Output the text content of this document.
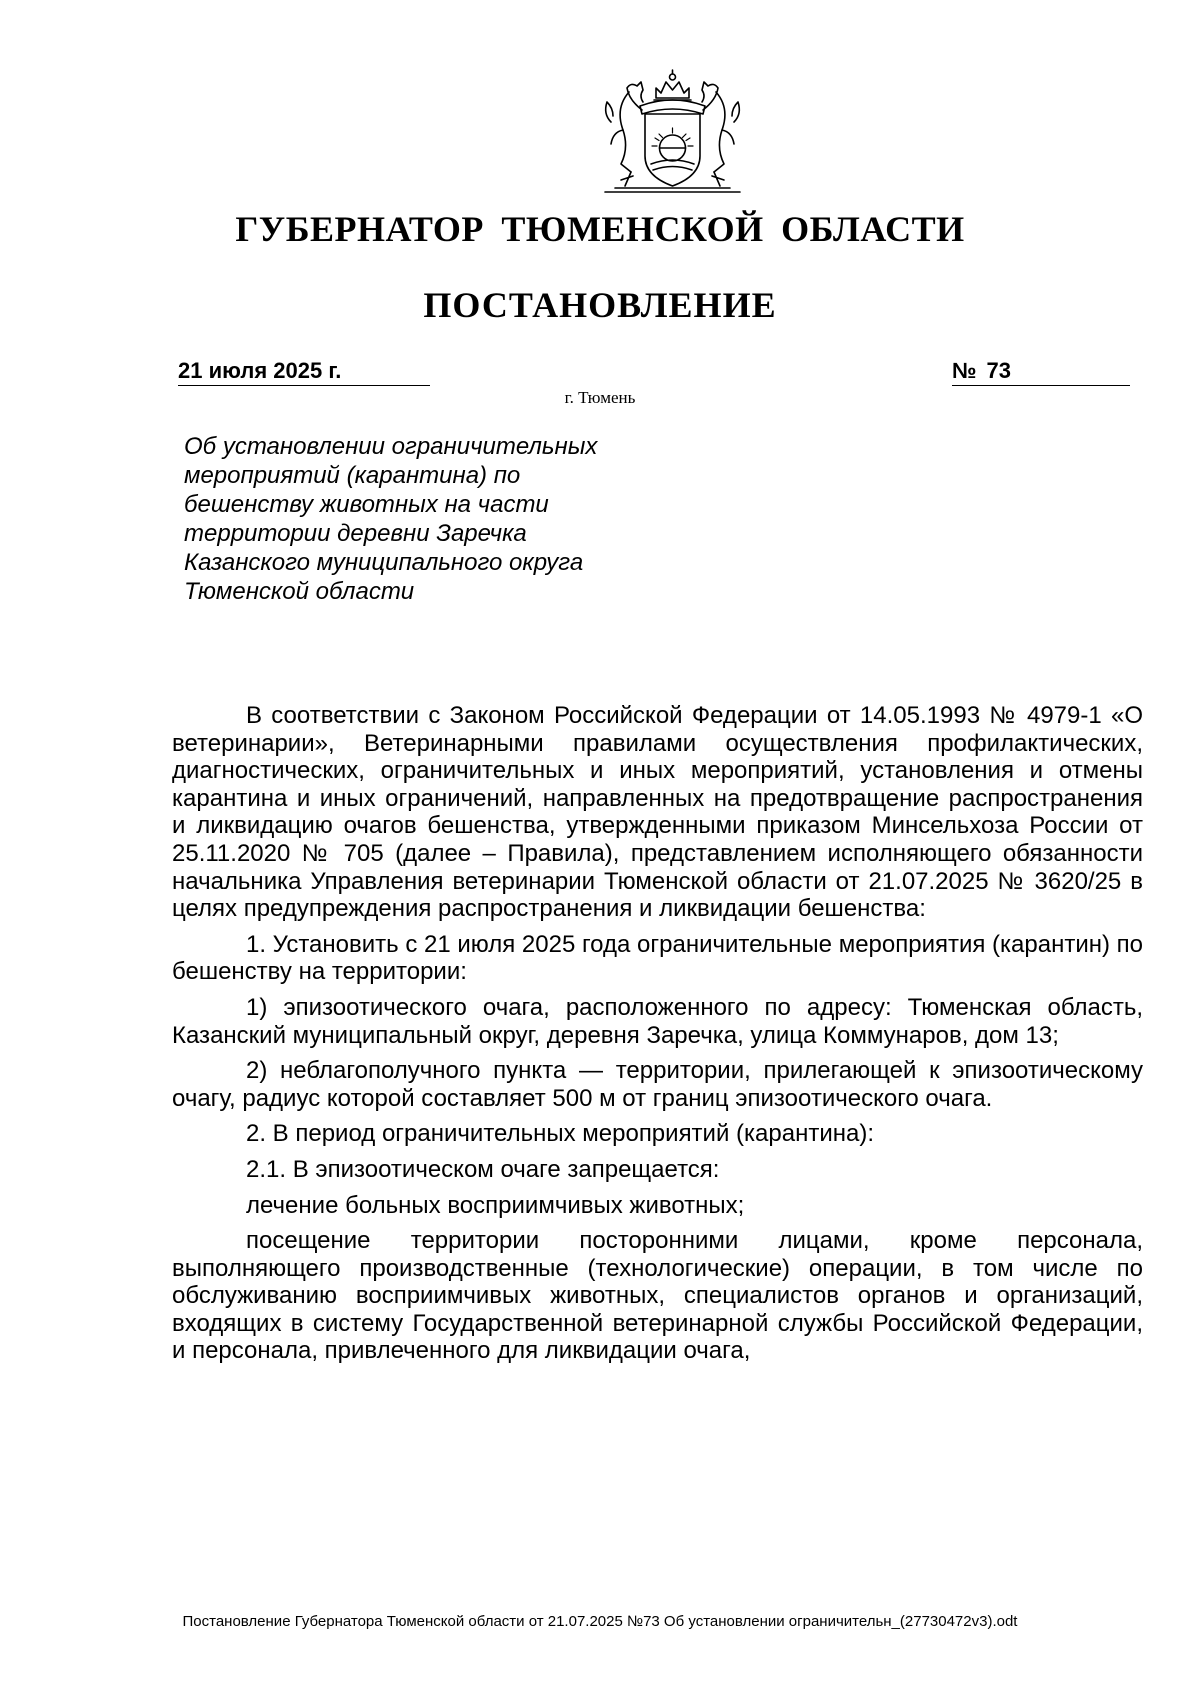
ГУБЕРНАТОР ТЮМЕНСКОЙ ОБЛАСТИ
ПОСТАНОВЛЕНИЕ
21 июля 2025 г.	№ 73
г. Тюмень
Об установлении ограничительных
мероприятий (карантина) по
бешенству животных на части
территории деревни Заречка
Казанского муниципального округа
Тюменской области

В соответствии с Законом Российской Федерации от 14.05.1993 № 4979-1 «О ветеринарии», Ветеринарными правилами осуществления профилактических, диагностических, ограничительных и иных мероприятий, установления и отмены карантина и иных ограничений, направленных на предотвращение распространения и ликвидацию очагов бешенства, утвержденными приказом Минсельхоза России от 25.11.2020 № 705 (далее – Правила), представлением исполняющего обязанности начальника Управления ветеринарии Тюменской области от 21.07.2025 № 3620/25 в целях предупреждения распространения и ликвидации бешенства:

1. Установить с 21 июля 2025 года ограничительные мероприятия (карантин) по бешенству на территории:

1) эпизоотического очага, расположенного по адресу: Тюменская область, Казанский муниципальный округ, деревня Заречка, улица Коммунаров, дом 13;

2) неблагополучного пункта — территории, прилегающей к эпизоотическому очагу, радиус которой составляет 500 м от границ эпизоотического очага.

2. В период ограничительных мероприятий (карантина):

2.1. В эпизоотическом очаге запрещается:

лечение больных восприимчивых животных;

посещение территории посторонними лицами, кроме персонала, выполняющего производственные (технологические) операции, в том числе по обслуживанию восприимчивых животных, специалистов органов и организаций, входящих в систему Государственной ветеринарной службы Российской Федерации, и персонала, привлеченного для ликвидации очага,

Постановление Губернатора Тюменской области от 21.07.2025 №73 Об установлении ограничительн_(27730472v3).odt
